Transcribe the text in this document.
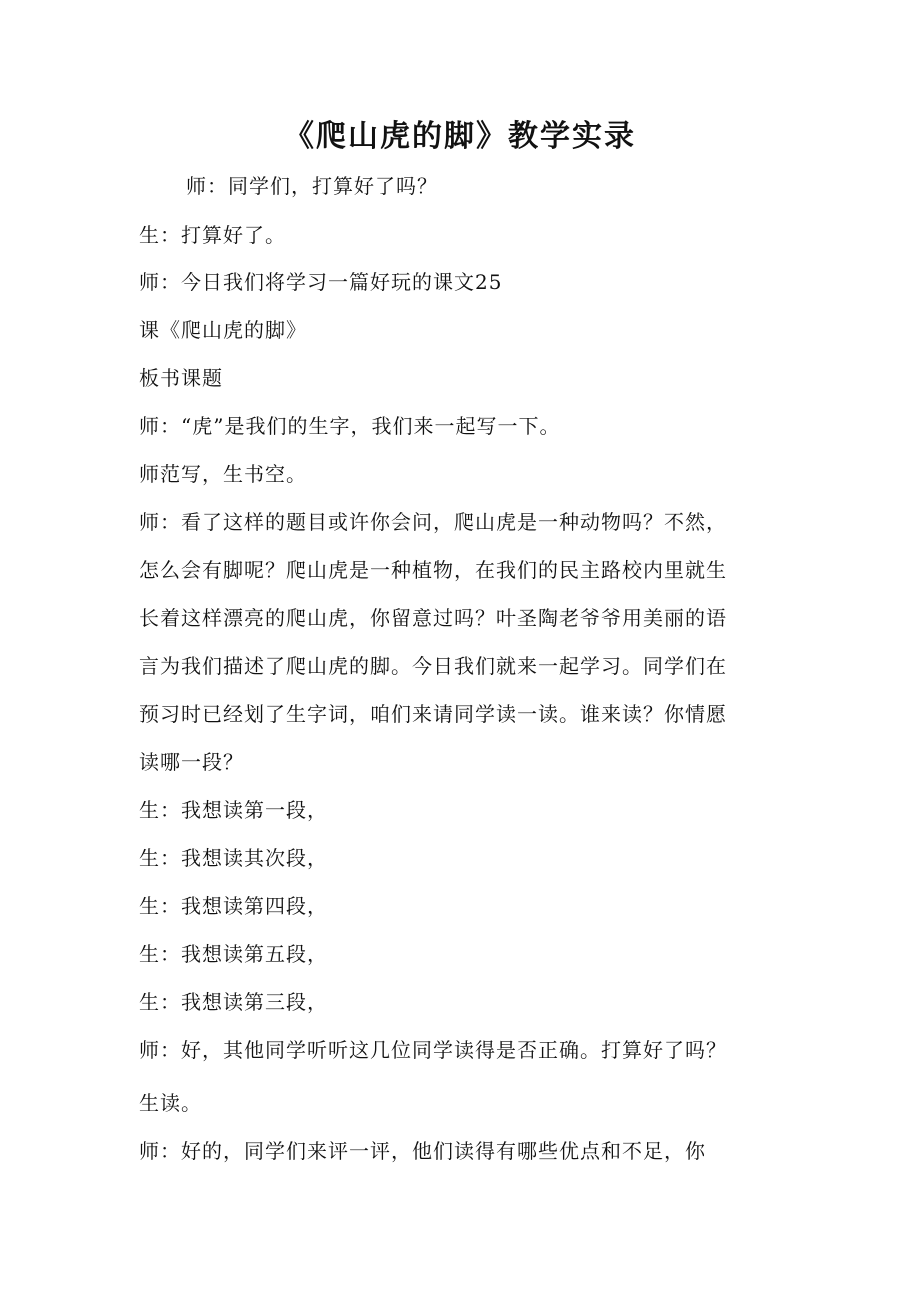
《爬山虎的脚》教学实录
师：同学们，打算好了吗？
生：打算好了。
师：今日我们将学习一篇好玩的课文25
课《爬山虎的脚》
板书课题
师：“虎”是我们的生字，我们来一起写一下。
师范写，生书空。
师：看了这样的题目或许你会问，爬山虎是一种动物吗？不然，
怎么会有脚呢？爬山虎是一种植物，在我们的民主路校内里就生
长着这样漂亮的爬山虎，你留意过吗？叶圣陶老爷爷用美丽的语
言为我们描述了爬山虎的脚。今日我们就来一起学习。同学们在
预习时已经划了生字词，咱们来请同学读一读。谁来读？你情愿
读哪一段？
生：我想读第一段，
生：我想读其次段，
生：我想读第四段，
生：我想读第五段，
生：我想读第三段，
师：好，其他同学听听这几位同学读得是否正确。打算好了吗？
生读。
师：好的，同学们来评一评，他们读得有哪些优点和不足，你
